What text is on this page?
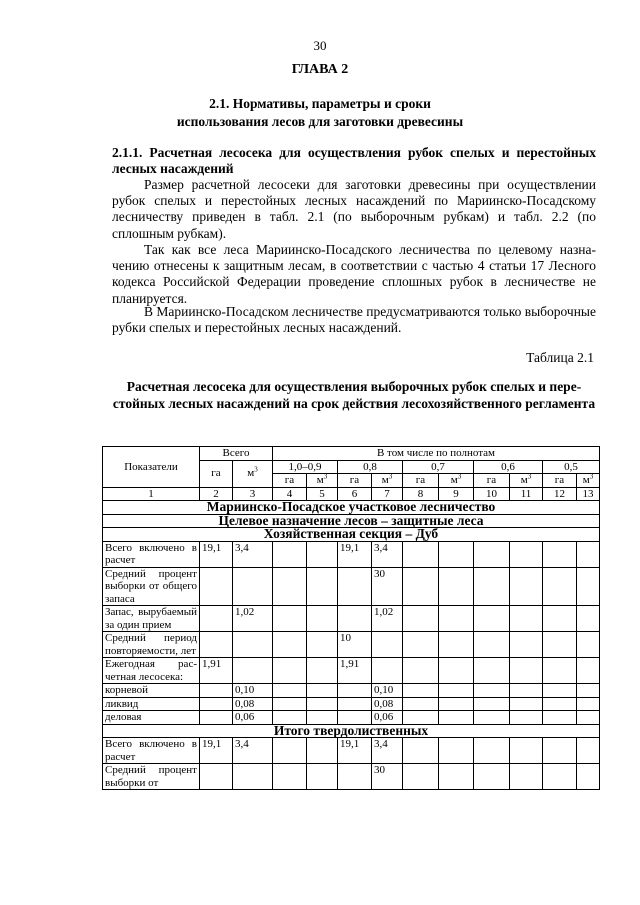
30
ГЛАВА 2
2.1. Нормативы, параметры и сроки
использования лесов для заготовки древесины
2.1.1. Расчетная лесосека для осуществления рубок спелых и перестойных лесных насаждений

Размер расчетной лесосеки для заготовки древесины при осуществлении рубок спелых и перестойных лесных насаждений по Мариинско-Посадскому лесничеству приведен в табл. 2.1 (по выборочным рубкам) и табл. 2.2 (по сплошным рубкам).

Так как все леса Мариинско-Посадского лесничества по целевому назначению отнесены к защитным лесам, в соответствии с частью 4 статьи 17 Лесного кодекса Российской Федерации проведение сплошных рубок в лесничестве не планируется.

В Мариинско-Посадском лесничестве предусматриваются только выборочные рубки спелых и перестойных лесных насаждений.

Таблица 2.1
Расчетная лесосека для осуществления выборочных рубок спелых и перестойных лесных насаждений на срок действия лесохозяйственного регламента
Показатели	Всего		В том числе по полнотам									
	га	$м^3$	1,0–0,9		0,8		0,7		0,6		0,5	
			га	$м^3$	га	$м^3$	га	$м^3$	га	$м^3$	га	$м^3$
1	2	3	4	5	6	7	8	9	10	11	12	13
Мариинско-Посадское участковое лесничество												
Целевое назначение лесов – защитные леса												
Хозяйственная секция – Дуб												
Всего включено в расчет	19,1	3,4			19,1	3,4						
Средний процент выборки от общего запаса						30						
Запас, вырубаемый за один прием		1,02				1,02						
Средний период повторяемости, лет					10							
Ежегодная расчетная лесосека:	1,91				1,91							
корневой		0,10				0,10						
ликвид		0,08				0,08						
деловая		0,06				0,06						
Итого твердолиственных												
Всего включено в расчет	19,1	3,4			19,1	3,4						
Средний процент выборки от						30						
